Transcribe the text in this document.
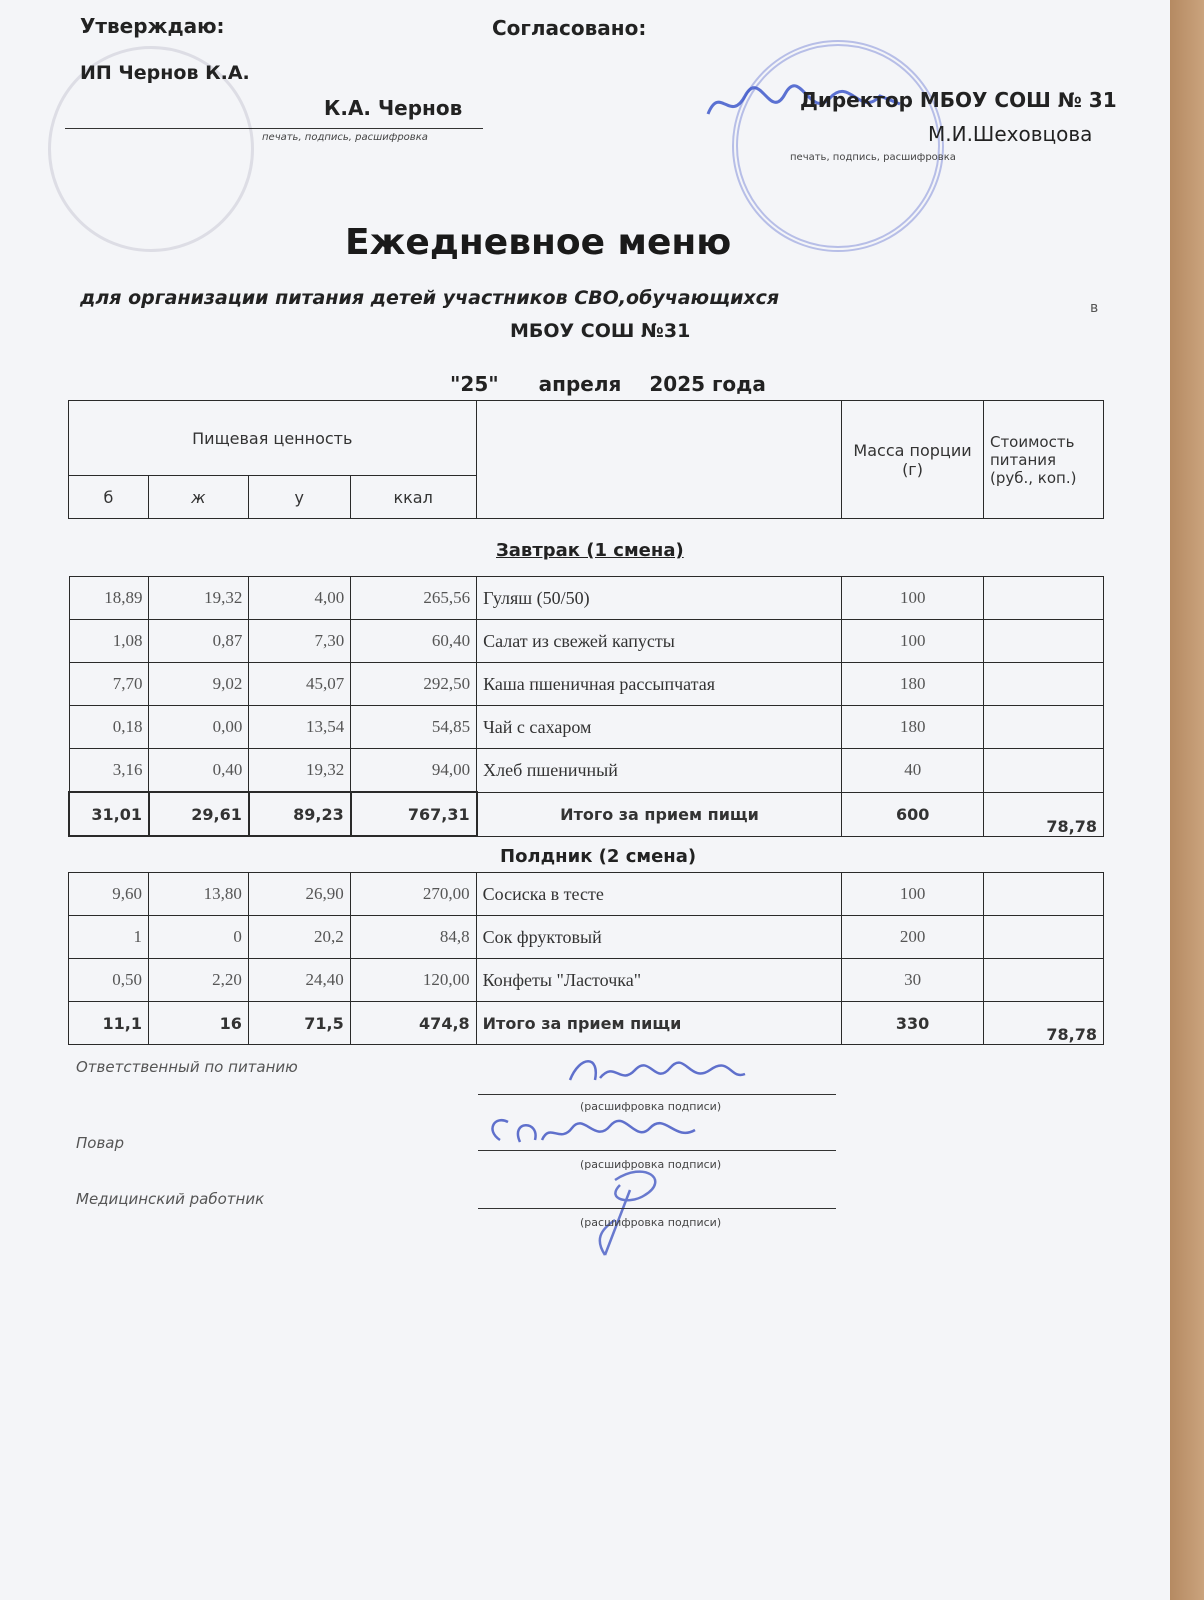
Утверждаю:	Согласовано:
ИП Чернов К.А.
К.А. Чернов
печать, подпись, расшифровка
Директор МБОУ СОШ № 31
М.И.Шеховцова
печать, подпись, расшифровка
Ежедневное меню
для организации питания детей участников СВО,обучающихся	в
МБОУ СОШ №31
"25" апреля 2025 года
Пищевая ценность					Масса порции (г)	Стоимость питания (руб., коп.)
б	ж	у	ккал			
Завтрак (1 смена)
18,89	19,32	4,00	265,56	Гуляш (50/50)	100	
1,08	0,87	7,30	60,40	Салат из свежей капусты	100	
7,70	9,02	45,07	292,50	Каша пшеничная рассыпчатая	180	
0,18	0,00	13,54	54,85	Чай с сахаром	180	
3,16	0,40	19,32	94,00	Хлеб пшеничный	40	
31,01	29,61	89,23	767,31	Итого за прием пищи	600	78,78
Полдник (2 смена)
9,60	13,80	26,90	270,00	Сосиска в тесте	100	
1	0	20,2	84,8	Сок фруктовый	200	
0,50	2,20	24,40	120,00	Конфеты "Ласточка"	30	
11,1	16	71,5	474,8	Итого за прием пищи	330	78,78
Ответственный по питанию
(расшифровка подписи)
Повар
(расшифровка подписи)
Медицинский работник
(расшифровка подписи)
